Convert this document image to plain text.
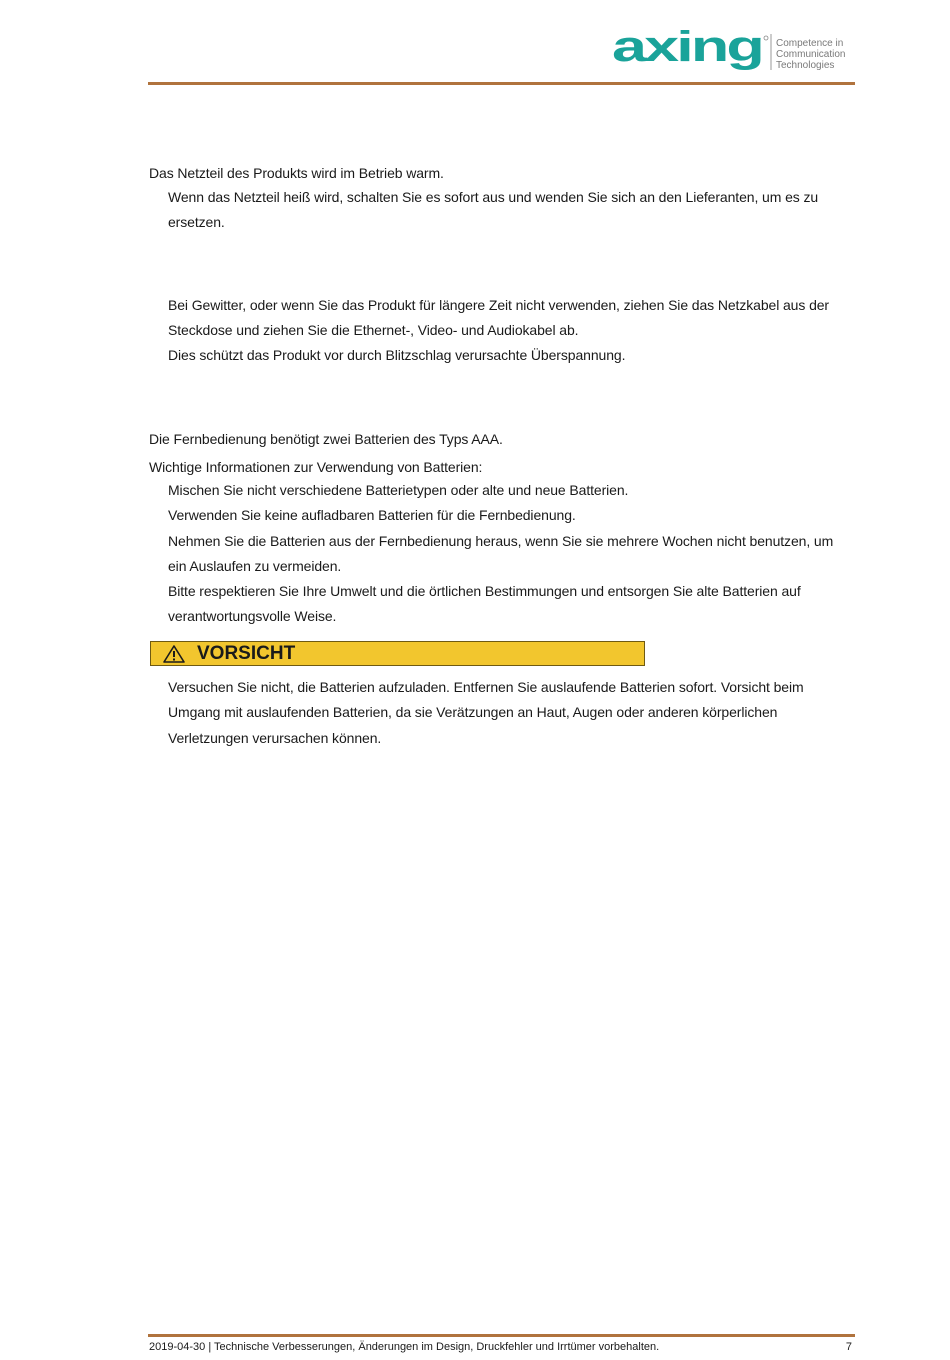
axing Competence in
Communication
Technologies
Das Netzteil des Produkts wird im Betrieb warm.
Wenn das Netzteil heiß wird, schalten Sie es sofort aus und wenden Sie sich an den Lieferanten, um es zu
ersetzen.
Bei Gewitter, oder wenn Sie das Produkt für längere Zeit nicht verwenden, ziehen Sie das Netzkabel aus der
Steckdose und ziehen Sie die Ethernet-, Video- und Audiokabel ab.
Dies schützt das Produkt vor durch Blitzschlag verursachte Überspannung.
Die Fernbedienung benötigt zwei Batterien des Typs AAA.
Wichtige Informationen zur Verwendung von Batterien:
Mischen Sie nicht verschiedene Batterietypen oder alte und neue Batterien.
Verwenden Sie keine aufladbaren Batterien für die Fernbedienung.
Nehmen Sie die Batterien aus der Fernbedienung heraus, wenn Sie sie mehrere Wochen nicht benutzen, um
ein Auslaufen zu vermeiden.
Bitte respektieren Sie Ihre Umwelt und die örtlichen Bestimmungen und entsorgen Sie alte Batterien auf
verantwortungsvolle Weise.
VORSICHT
Versuchen Sie nicht, die Batterien aufzuladen. Entfernen Sie auslaufende Batterien sofort. Vorsicht beim
Umgang mit auslaufenden Batterien, da sie Verätzungen an Haut, Augen oder anderen körperlichen
Verletzungen verursachen können.
2019-04-30 | Technische Verbesserungen, Änderungen im Design, Druckfehler und Irrtümer vorbehalten.	7
